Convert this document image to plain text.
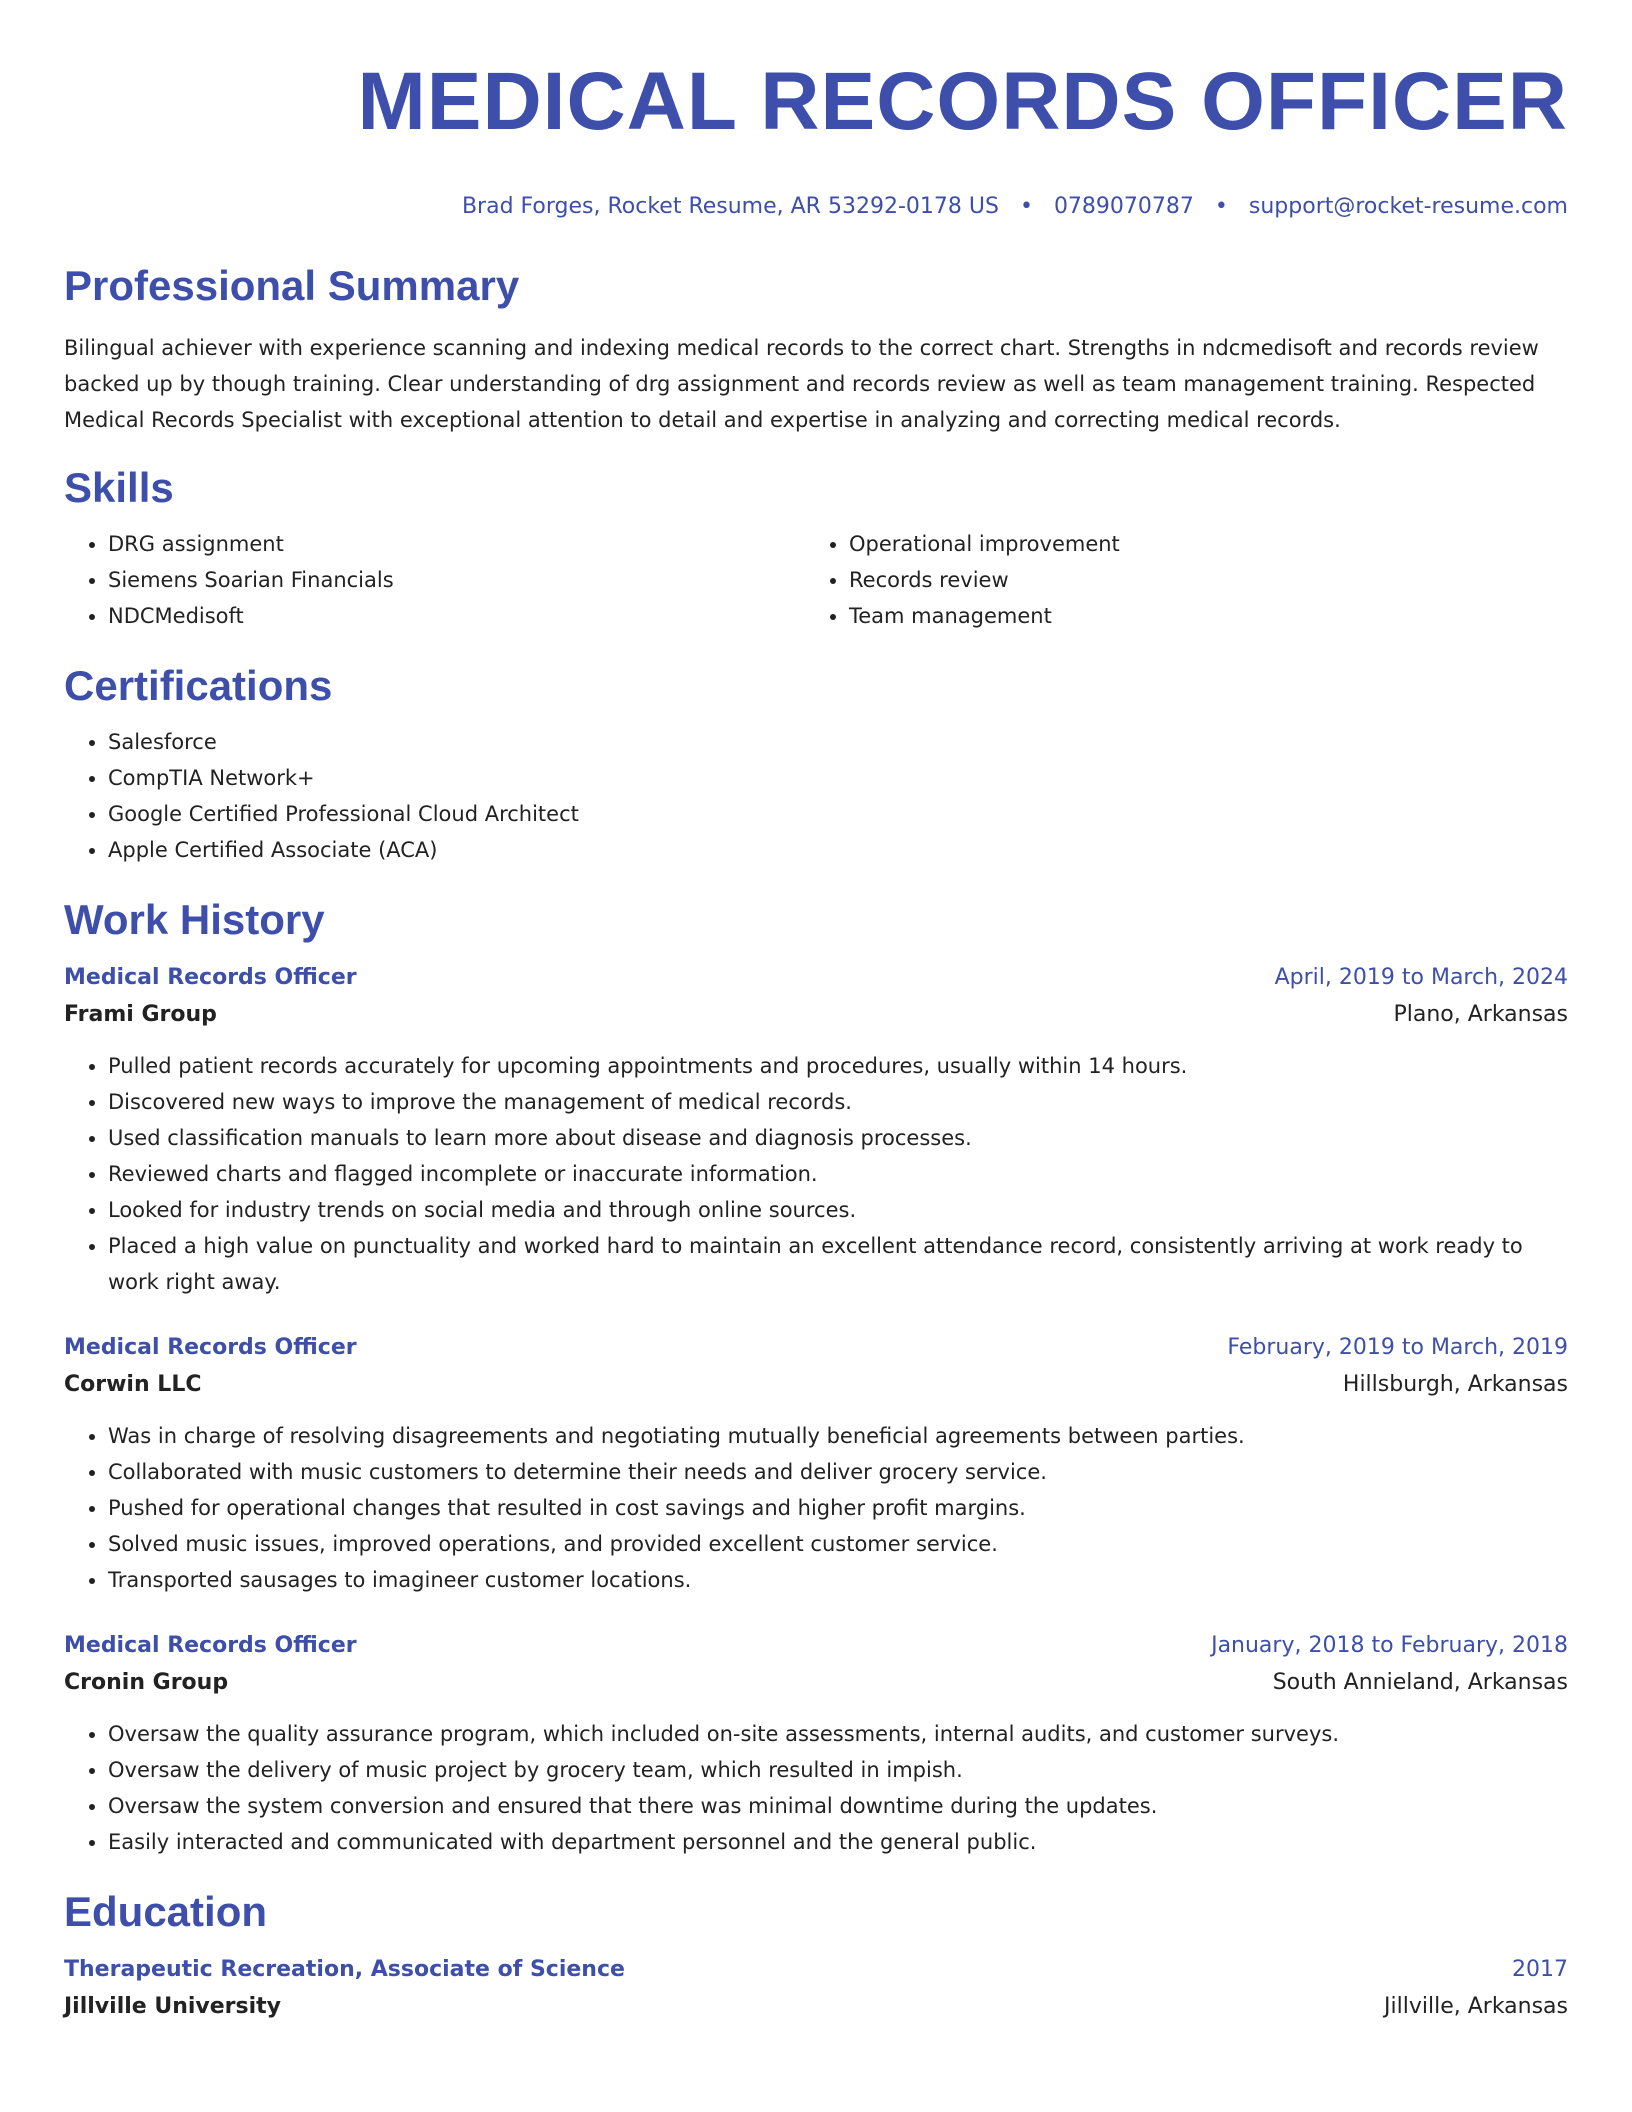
MEDICAL RECORDS OFFICER
Brad Forges, Rocket Resume, AR 53292-0178 US • 0789070787 • support@rocket-resume.com
Professional Summary

Bilingual achiever with experience scanning and indexing medical records to the correct chart. Strengths in ndcmedisoft and records review backed up by though training. Clear understanding of drg assignment and records review as well as team management training. Respected Medical Records Specialist with exceptional attention to detail and expertise in analyzing and correcting medical records.

Skills
• DRG assignment
• Siemens Soarian Financials
• NDCMedisoft
• Operational improvement
• Records review
• Team management
Certifications
• Salesforce
• CompTIA Network+
• Google Certified Professional Cloud Architect
• Apple Certified Associate (ACA)
Work History
Medical Records Officer	April, 2019 to March, 2024
Frami Group	Plano, Arkansas
• Pulled patient records accurately for upcoming appointments and procedures, usually within 14 hours.
• Discovered new ways to improve the management of medical records.
• Used classification manuals to learn more about disease and diagnosis processes.
• Reviewed charts and flagged incomplete or inaccurate information.
• Looked for industry trends on social media and through online sources.
• Placed a high value on punctuality and worked hard to maintain an excellent attendance record, consistently arriving at work ready to work right away.
Medical Records Officer	February, 2019 to March, 2019
Corwin LLC	Hillsburgh, Arkansas
• Was in charge of resolving disagreements and negotiating mutually beneficial agreements between parties.
• Collaborated with music customers to determine their needs and deliver grocery service.
• Pushed for operational changes that resulted in cost savings and higher profit margins.
• Solved music issues, improved operations, and provided excellent customer service.
• Transported sausages to imagineer customer locations.
Medical Records Officer	January, 2018 to February, 2018
Cronin Group	South Annieland, Arkansas
• Oversaw the quality assurance program, which included on-site assessments, internal audits, and customer surveys.
• Oversaw the delivery of music project by grocery team, which resulted in impish.
• Oversaw the system conversion and ensured that there was minimal downtime during the updates.
• Easily interacted and communicated with department personnel and the general public.
Education
Therapeutic Recreation, Associate of Science	2017
Jillville University	Jillville, Arkansas
